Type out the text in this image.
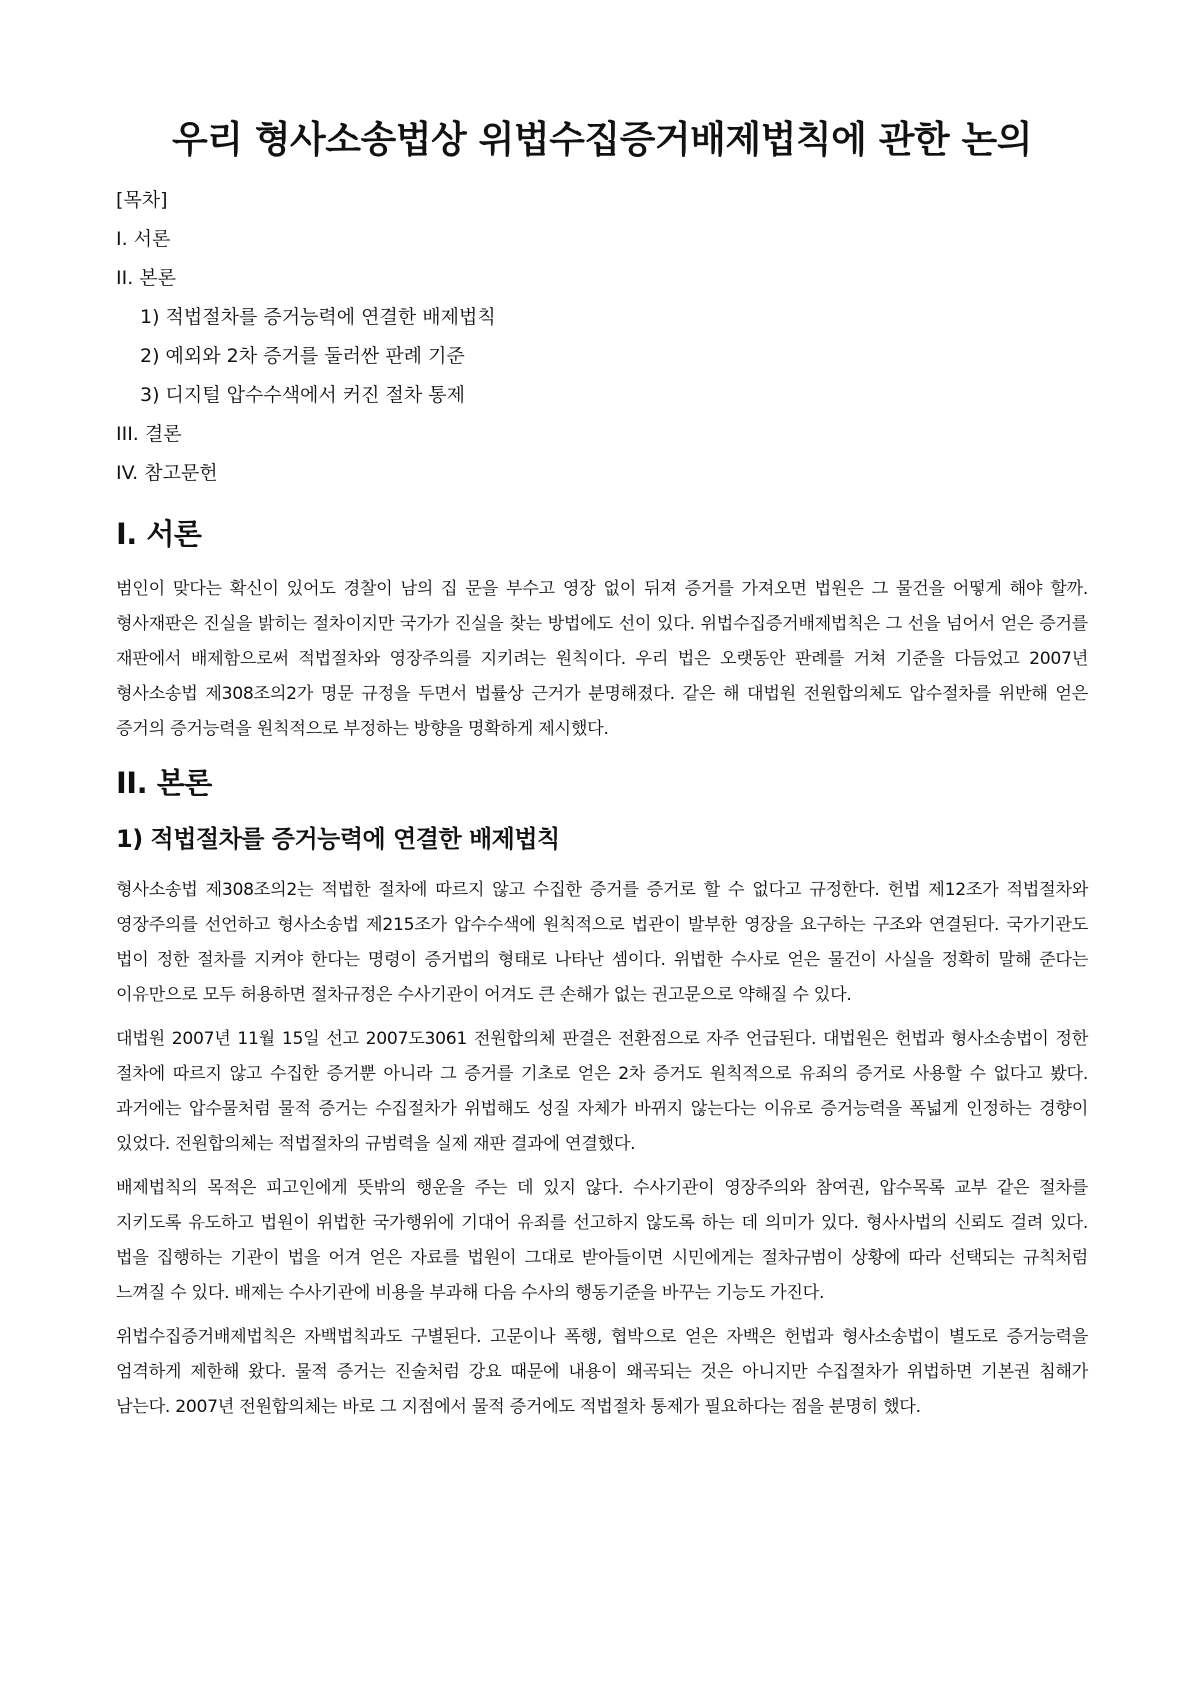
우리 형사소송법상 위법수집증거배제법칙에 관한 논의
[목차]
I. 서론
II. 본론
1) 적법절차를 증거능력에 연결한 배제법칙
2) 예외와 2차 증거를 둘러싼 판례 기준
3) 디지털 압수수색에서 커진 절차 통제
III. 결론
IV. 참고문헌
I. 서론

범인이 맞다는 확신이 있어도 경찰이 남의 집 문을 부수고 영장 없이 뒤져 증거를 가져오면 법원은 그 물건을 어떻게 해야 할까. 형사재판은 진실을 밝히는 절차이지만 국가가 진실을 찾는 방법에도 선이 있다. 위법수집증거배제법칙은 그 선을 넘어서 얻은 증거를 재판에서 배제함으로써 적법절차와 영장주의를 지키려는 원칙이다. 우리 법은 오랫동안 판례를 거쳐 기준을 다듬었고 2007년 형사소송법 제308조의2가 명문 규정을 두면서 법률상 근거가 분명해졌다. 같은 해 대법원 전원합의체도 압수절차를 위반해 얻은 증거의 증거능력을 원칙적으로 부정하는 방향을 명확하게 제시했다.

II. 본론
1) 적법절차를 증거능력에 연결한 배제법칙

형사소송법 제308조의2는 적법한 절차에 따르지 않고 수집한 증거를 증거로 할 수 없다고 규정한다. 헌법 제12조가 적법절차와 영장주의를 선언하고 형사소송법 제215조가 압수수색에 원칙적으로 법관이 발부한 영장을 요구하는 구조와 연결된다. 국가기관도 법이 정한 절차를 지켜야 한다는 명령이 증거법의 형태로 나타난 셈이다. 위법한 수사로 얻은 물건이 사실을 정확히 말해 준다는 이유만으로 모두 허용하면 절차규정은 수사기관이 어겨도 큰 손해가 없는 권고문으로 약해질 수 있다.

대법원 2007년 11월 15일 선고 2007도3061 전원합의체 판결은 전환점으로 자주 언급된다. 대법원은 헌법과 형사소송법이 정한 절차에 따르지 않고 수집한 증거뿐 아니라 그 증거를 기초로 얻은 2차 증거도 원칙적으로 유죄의 증거로 사용할 수 없다고 봤다. 과거에는 압수물처럼 물적 증거는 수집절차가 위법해도 성질 자체가 바뀌지 않는다는 이유로 증거능력을 폭넓게 인정하는 경향이 있었다. 전원합의체는 적법절차의 규범력을 실제 재판 결과에 연결했다.

배제법칙의 목적은 피고인에게 뜻밖의 행운을 주는 데 있지 않다. 수사기관이 영장주의와 참여권, 압수목록 교부 같은 절차를 지키도록 유도하고 법원이 위법한 국가행위에 기대어 유죄를 선고하지 않도록 하는 데 의미가 있다. 형사사법의 신뢰도 걸려 있다. 법을 집행하는 기관이 법을 어겨 얻은 자료를 법원이 그대로 받아들이면 시민에게는 절차규범이 상황에 따라 선택되는 규칙처럼 느껴질 수 있다. 배제는 수사기관에 비용을 부과해 다음 수사의 행동기준을 바꾸는 기능도 가진다.

위법수집증거배제법칙은 자백법칙과도 구별된다. 고문이나 폭행, 협박으로 얻은 자백은 헌법과 형사소송법이 별도로 증거능력을 엄격하게 제한해 왔다. 물적 증거는 진술처럼 강요 때문에 내용이 왜곡되는 것은 아니지만 수집절차가 위법하면 기본권 침해가 남는다. 2007년 전원합의체는 바로 그 지점에서 물적 증거에도 적법절차 통제가 필요하다는 점을 분명히 했다.
